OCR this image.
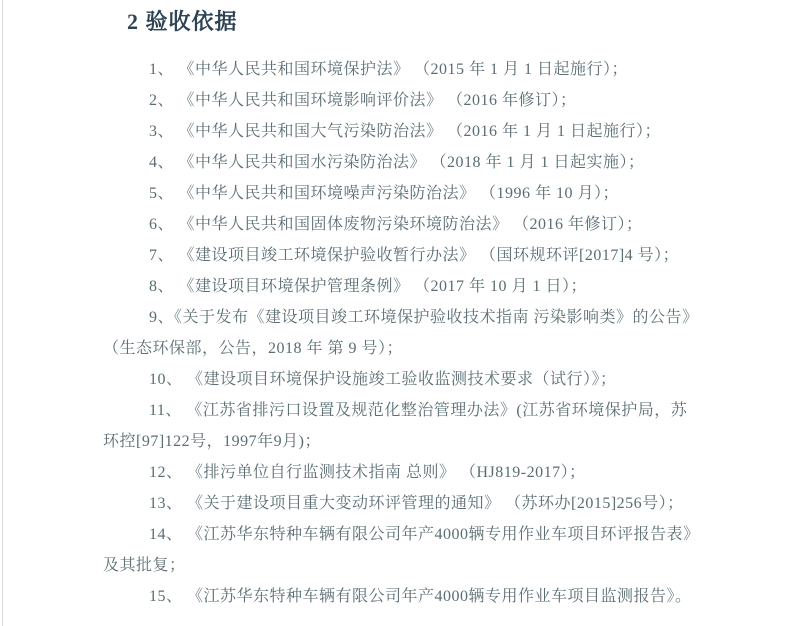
2 验收依据

1、 《中华人民共和国环境保护法》 （2015 年 1 月 1 日起施行）；

2、 《中华人民共和国环境影响评价法》 （2016 年修订）；

3、 《中华人民共和国大气污染防治法》 （2016 年 1 月 1 日起施行）；

4、 《中华人民共和国水污染防治法》 （2018 年 1 月 1 日起实施）；

5、 《中华人民共和国环境噪声污染防治法》 （1996 年 10 月）；

6、 《中华人民共和国固体废物污染环境防治法》 （2016 年修订）；

7、 《建设项目竣工环境保护验收暂行办法》 （国环规环评[2017]4 号）；

8、 《建设项目环境保护管理条例》 （2017 年 10 月 1 日）；

9、《关于发布《建设项目竣工环境保护验收技术指南 污染影响类》的公告》

（生态环保部，公告，2018 年 第 9 号）；

10、 《建设项目环境保护设施竣工验收监测技术要求（试行）》；

11、 《江苏省排污口设置及规范化整治管理办法》(江苏省环境保护局，苏

环控[97]122号，1997年9月)；

12、 《排污单位自行监测技术指南 总则》 （HJ819-2017）；

13、 《关于建设项目重大变动环评管理的通知》 （苏环办[2015]256号）；

14、 《江苏华东特种车辆有限公司年产4000辆专用作业车项目环评报告表》

及其批复；

15、 《江苏华东特种车辆有限公司年产4000辆专用作业车项目监测报告》。
